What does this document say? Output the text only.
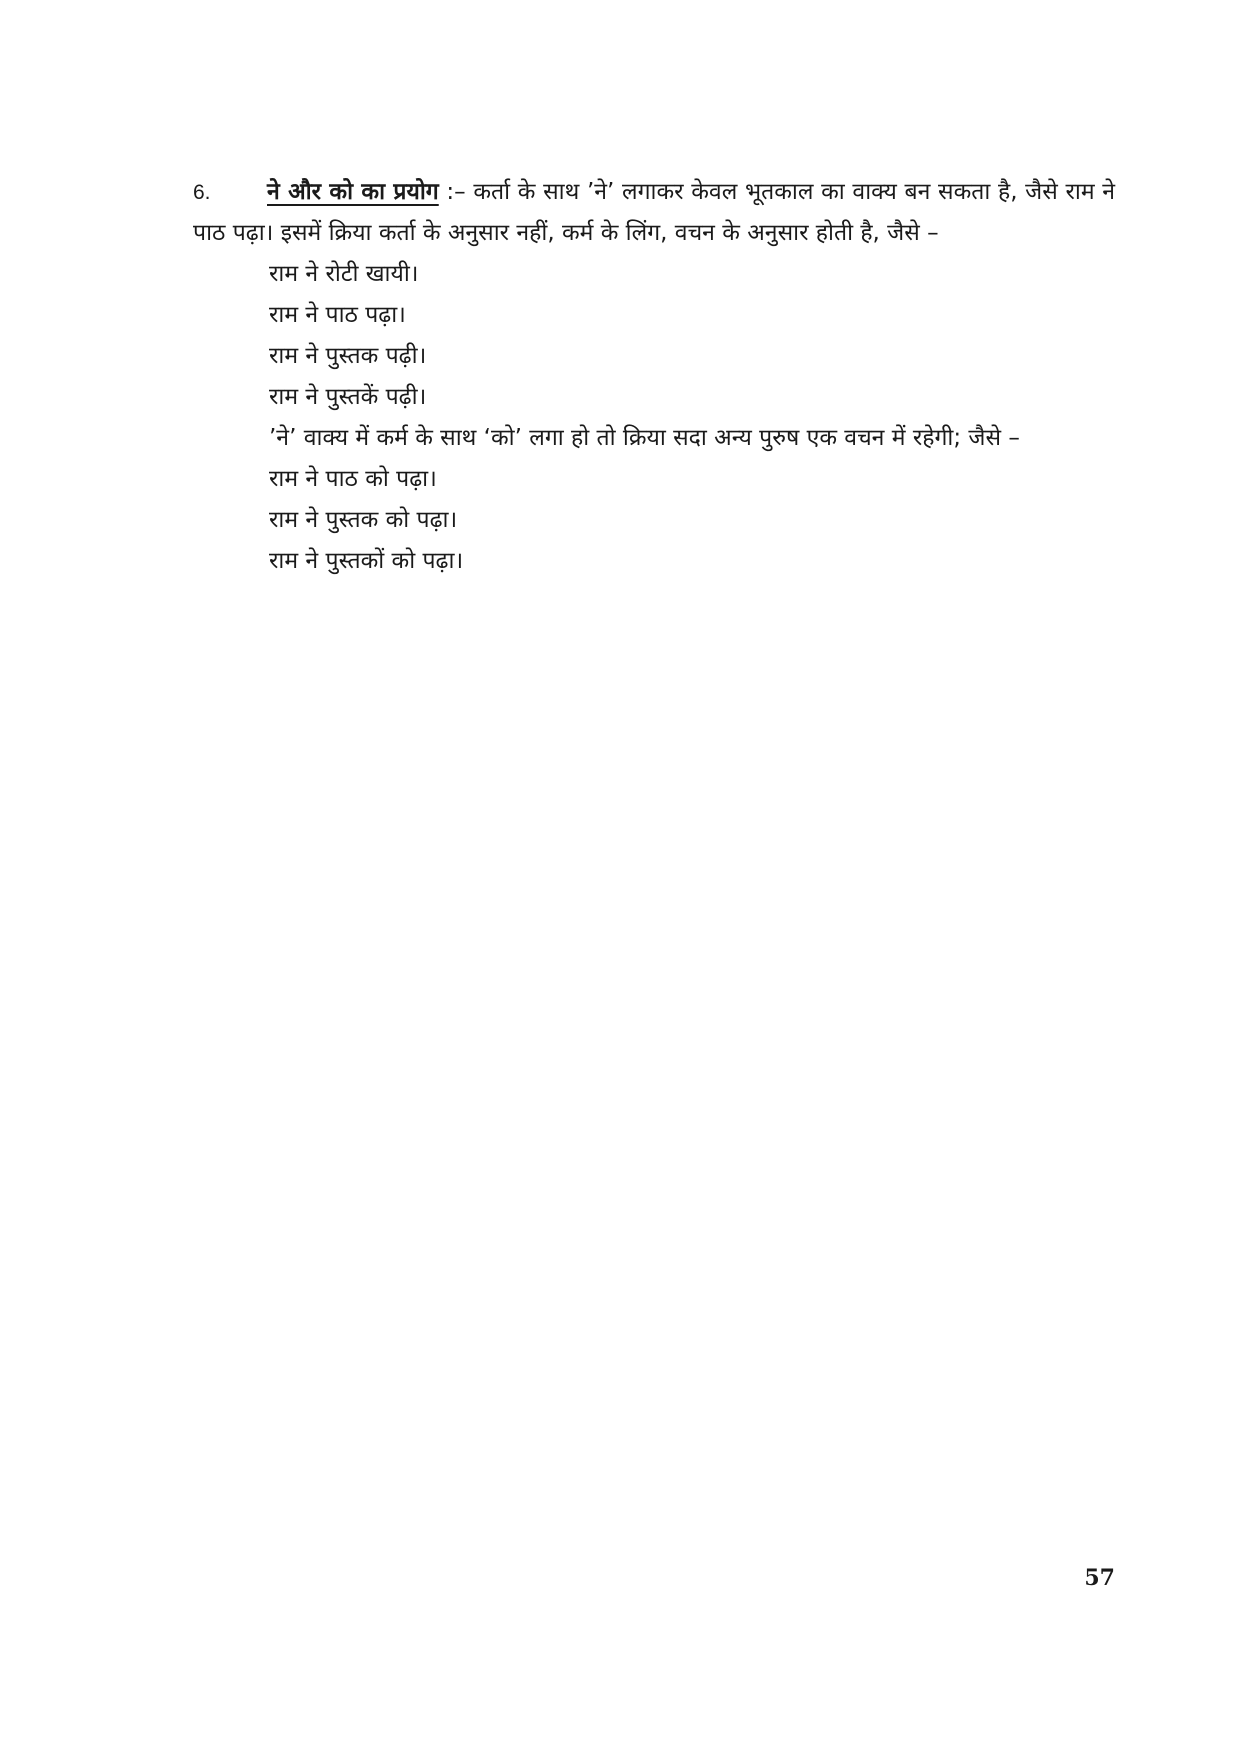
6. ने और को का प्रयोग :– कर्ता के साथ ’ने’ लगाकर केवल भूतकाल का वाक्य बन सकता है, जैसे राम ने पाठ पढ़ा। इसमें क्रिया कर्ता के अनुसार नहीं, कर्म के लिंग, वचन के अनुसार होती है, जैसे –

राम ने रोटी खायी।
राम ने पाठ पढ़ा।
राम ने पुस्तक पढ़ी।
राम ने पुस्तकें पढ़ी।

’ने’ वाक्य में कर्म के साथ ‘को’ लगा हो तो क्रिया सदा अन्य पुरुष एक वचन में रहेगी; जैसे –

राम ने पाठ को पढ़ा।
राम ने पुस्तक को पढ़ा।
राम ने पुस्तकों को पढ़ा।
57
